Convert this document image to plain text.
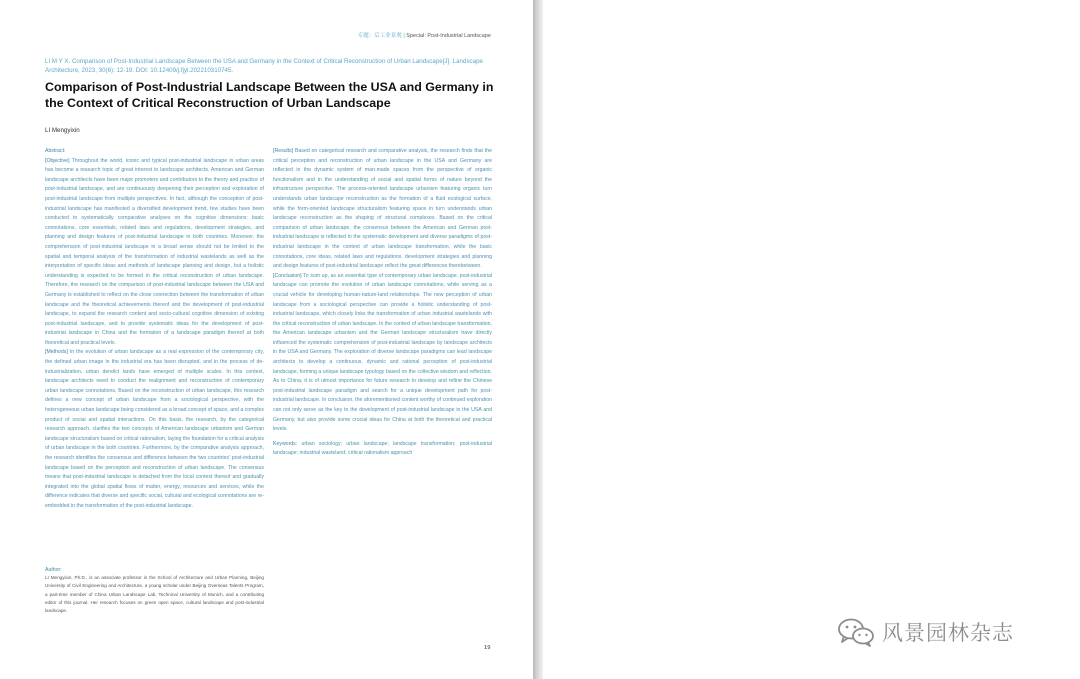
专题：后工业景观 | Special: Post-Industrial Landscape

LI M Y X. Comparison of Post-Industrial Landscape Between the USA and Germany in the Context of Critical Reconstruction of Urban Landscape[J]. Landscape Architecture, 2023, 30(6): 12-19. DOI: 10.12409/j.fjyl.202210310745.

Comparison of Post-Industrial Landscape Between the USA and Germany in the Context of Critical Reconstruction of Urban Landscape
LI Mengyixin
Abstract:

[Objective] Throughout the world, iconic and typical post-industrial landscape in urban areas has become a research topic of great interest to landscape architects. American and German landscape architects have been major promoters and contributors to the theory and practice of post-industrial landscape, and are continuously deepening their perception and exploration of post-industrial landscape from multiple perspectives. In fact, although the conception of post-industrial landscape has manifested a diversified development trend, few studies have been conducted to systematically comparative analyses on the cognitive dimensions: basic connotations, core essentials, related laws and regulations, development strategies, and planning and design features of post-industrial landscape in both countries. Moreover, the comprehension of post-industrial landscape in a broad sense should not be limited to the spatial and temporal analysis of the transformation of industrial wastelands as well as the interpretation of specific ideas and methods of landscape planning and design, but a holistic understanding is expected to be formed in the critical reconstruction of urban landscape. Therefore, the research on the comparison of post-industrial landscape between the USA and Germany is established to reflect on the close connection between the transformation of urban landscape and the theoretical achievements thereof and the development of post-industrial landscape, to expand the research content and socio-cultural cognitive dimension of existing post-industrial landscape, and to provide systematic ideas for the development of post-industrial landscape in China and the formation of a landscape paradigm thereof at both theoretical and practical levels.

[Methods] In the evolution of urban landscape as a real expression of the contemporary city, the defined urban image in the industrial era has been disrupted, and in the process of de-industrialization, urban derelict lands have emerged of multiple scales. In this context, landscape architects need to conduct the realignment and reconstruction of contemporary urban landscape connotations. Based on the reconstruction of urban landscape, this research defines a new concept of urban landscape from a sociological perspective, with the heterogeneous urban landscape being considered as a broad concept of space, and a complex product of social and spatial interactions. On this basis, the research, by the categorical research approach, clarifies the two concepts of American landscape urbanism and German landscape structuralism based on critical rationalism, laying the foundation for a critical analysis of urban landscape in the both countries. Furthermore, by the comparative analysis approach, the research identifies the consensus and difference between the two countries' post-industrial landscape based on the perception and reconstruction of urban landscape. The consensus means that post-industrial landscape is detached from the local context thereof and gradually integrated into the global spatial flows of matter, energy, resources and services, while the difference indicates that diverse and specific social, cultural and ecological connotations are re-embedded in the transformation of the post-industrial landscape.

[Results] Based on categorical research and comparative analysis, the research finds that the critical perception and reconstruction of urban landscape in the USA and Germany are reflected in the dynamic system of man-made spaces from the perspective of organic functionalism and in the understanding of social and spatial forms of nature beyond the infrastructure perspective. The process-oriented landscape urbanism featuring organic turn understands urban landscape reconstruction as the formation of a fluid ecological surface, while the form-oriented landscape structuralism featuring space in turn understands urban landscape reconstruction as the shaping of structural complexes. Based on the critical comparison of urban landscape, the consensus between the American and German post-industrial landscape is reflected in the systematic development and diverse paradigms of post-industrial landscape in the context of urban landscape transformation, while the basic connotations, core ideas, related laws and regulations, development strategies and planning and design features of post-industrial landscape reflect the great differences therebetween.

[Conclusion] To sum up, as an essential type of contemporary urban landscape, post-industrial landscape can promote the evolution of urban landscape connotations, while serving as a crucial vehicle for developing human-nature-land relationships. The new perception of urban landscape from a sociological perspective can provide a holistic understanding of post-industrial landscape, which closely links the transformation of urban industrial wastelands with the critical reconstruction of urban landscape. In the context of urban landscape transformation, the American landscape urbanism and the German landscape structuralism have directly influenced the systematic comprehension of post-industrial landscape by landscape architects in the USA and Germany. The exploration of diverse landscape paradigms can lead landscape architects to develop a continuous, dynamic and rational perception of post-industrial landscape, forming a unique landscape typology based on the collective wisdom and reflection. As to China, it is of utmost importance for future research to develop and refine the Chinese post-industrial landscape paradigm and search for a unique development path for post-industrial landscape. In conclusion, the aforementioned content worthy of continued exploration can not only serve as the key to the development of post-industrial landscape in the USA and Germany, but also provide some crucial ideas for China at both the theoretical and practical levels.

Keywords: urban sociology; urban landscape; landscape transformation; post-industrial landscape; industrial wasteland; critical rationalism approach

Author:

LI Mengyixin, Ph.D., is an associate professor in the School of Architecture and Urban Planning, Beijing University of Civil Engineering and Architecture, a young scholar under Beijing Overseas Talents Program, a part-time member of China Urban Landscape Lab, Technical University of Munich, and a contributing editor of this journal. Her research focuses on green open space, cultural landscape and post-industrial landscape.

19
风景园林杂志
